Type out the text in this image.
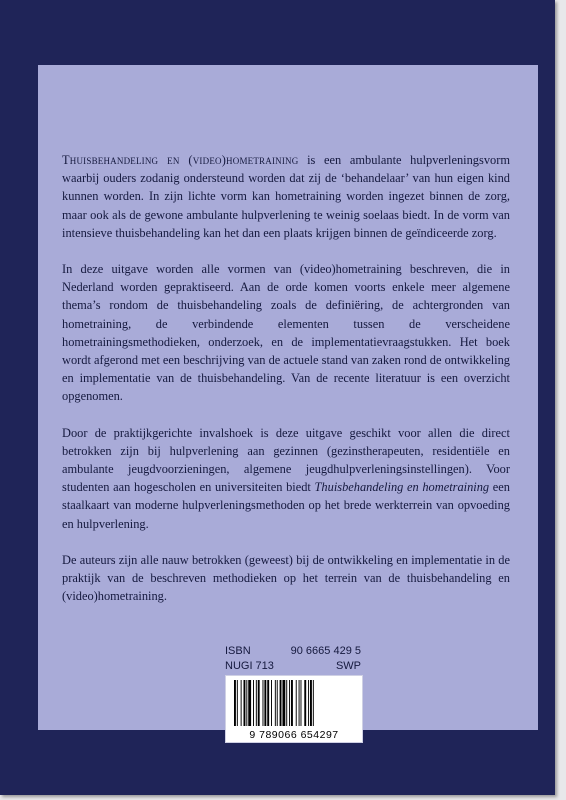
Thuisbehandeling en (video)hometraining is een ambulante hulpverleningsvorm waarbij ouders zodanig ondersteund worden dat zij de ‘behandelaar’ van hun eigen kind kunnen worden. In zijn lichte vorm kan hometraining worden ingezet binnen de zorg, maar ook als de gewone ambulante hulpverlening te weinig soelaas biedt. In de vorm van intensieve thuisbehandeling kan het dan een plaats krijgen binnen de geïndiceerde zorg.

In deze uitgave worden alle vormen van (video)hometraining beschreven, die in Nederland worden gepraktiseerd. Aan de orde komen voorts enkele meer algemene thema’s rondom de thuisbehandeling zoals de definiëring, de achtergronden van hometraining, de verbindende elementen tussen de verscheidene hometrainingsmethodieken, onderzoek, en de implementatievraagstukken. Het boek wordt afgerond met een beschrijving van de actuele stand van zaken rond de ontwikkeling en implementatie van de thuisbehandeling. Van de recente literatuur is een overzicht opgenomen.

Door de praktijkgerichte invalshoek is deze uitgave geschikt voor allen die direct betrokken zijn bij hulpverlening aan gezinnen (gezinstherapeuten, residentiële en ambulante jeugdvoorzieningen, algemene jeugdhulpverleningsinstellingen). Voor studenten aan hogescholen en universiteiten biedt Thuisbehandeling en hometraining een staalkaart van moderne hulpverleningsmethoden op het brede werkterrein van opvoeding en hulpverlening.

De auteurs zijn alle nauw betrokken (geweest) bij de ontwikkeling en implementatie in de praktijk van de beschreven methodieken op het terrein van de thuisbehandeling en (video)hometraining.

ISBN	90 6665 429 5
NUGI 713	SWP
9 789066 654297
